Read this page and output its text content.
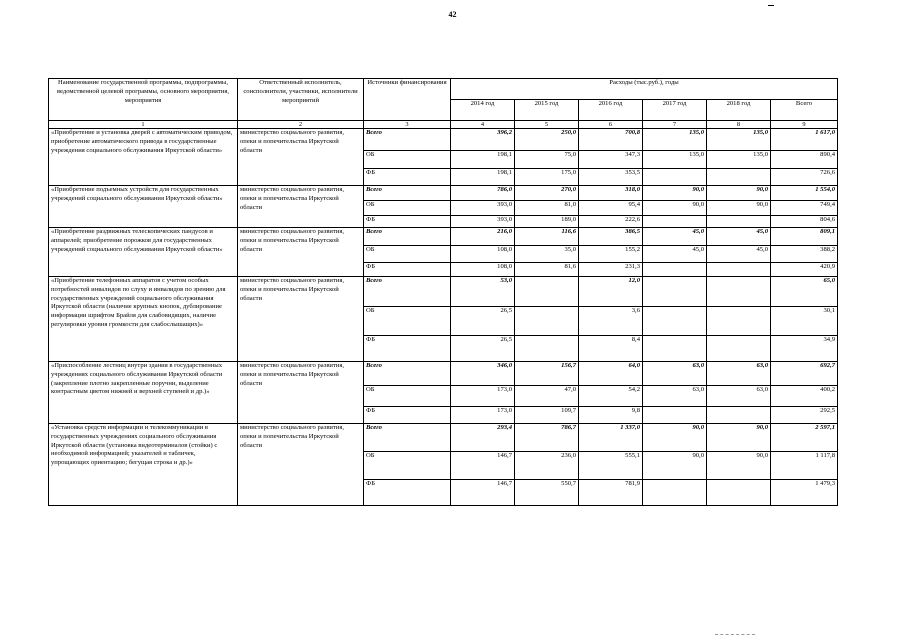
42
Наименование государственной программы, подпрограммы, ведомственной целевой программы, основного мероприятия, мероприятия	Ответственный исполнитель, соисполнители, участники, исполнители мероприятий	Источники финансирования	Расходы (тыс.руб.), годы					
			2014 год	2015 год	2016 год	2017 год	2018 год	Всего
1	2	3	4	5	6	7	8	9
«Приобретение и установка дверей с автоматическим приводом, приобретение автоматического привода в государственные учреждения социального обслуживания Иркутской области»	министерство социального развития, опеки и попечительства Иркутской области	Всего	396,2	250,0	700,8	135,0	135,0	1 617,0
		ОБ	198,1	75,0	347,3	135,0	135,0	890,4
		ФБ	198,1	175,0	353,5			726,6
«Приобретение подъемных устройств для государственных учреждений социального обслуживания Иркутской области»	министерство социального развития, опеки и попечительства Иркутской области	Всего	786,0	270,0	318,0	90,0	90,0	1 554,0
		ОБ	393,0	81,0	95,4	90,0	90,0	749,4
		ФБ	393,0	189,0	222,6			804,6
«Приобретение раздвижных телескопических пандусов и аппарелей; приобретение порожков для государственных учреждений социального обслуживания Иркутской области»	министерство социального развития, опеки и попечительства Иркутской области	Всего	216,0	116,6	386,5	45,0	45,0	809,1
		ОБ	108,0	35,0	155,2	45,0	45,0	388,2
		ФБ	108,0	81,6	231,3			420,9
«Приобретение телефонных аппаратов с учетом особых потребностей инвалидов по слуху и инвалидов по зрению для государственных учреждений социального обслуживания Иркутской области (наличие крупных кнопок, дублирование информации шрифтом Брайля для слабовидящих, наличие регулировки уровня громкости для слабослышащих)»	министерство социального развития, опеки и попечительства Иркутской области	Всего	53,0		12,0			65,0
		ОБ	26,5		3,6			30,1
		ФБ	26,5		8,4			34,9
«Приспособление лестниц внутри здания в государственных учреждениях социального обслуживания Иркутской области (закрепление плотно закрепленные поручни, выделение контрастным цветом нижней и верхней ступеней и др.)»	министерство социального развития, опеки и попечительства Иркутской области	Всего	346,0	156,7	64,0	63,0	63,0	692,7
		ОБ	173,0	47,0	54,2	63,0	63,0	400,2
		ФБ	173,0	109,7	9,8			292,5
«Установка средств информации и телекоммуникации в государственных учреждениях социального обслуживания Иркутской области (установка видеотерминалов (стойки) с необходимой информацией; указателей и табличек, упрощающих ориентацию; бегущая строка и др.)»	министерство социального развития, опеки и попечительства Иркутской области	Всего	293,4	786,7	1 337,0	90,0	90,0	2 597,1
		ОБ	146,7	236,0	555,1	90,0	90,0	1 117,8
		ФБ	146,7	550,7	781,9			1 479,3
